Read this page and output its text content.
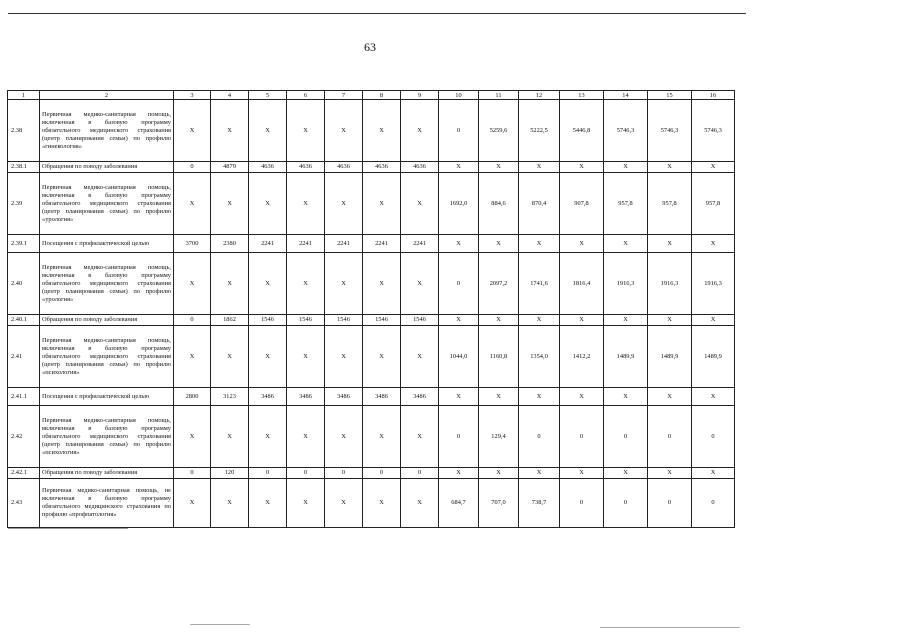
63
1	2	3	4	5	6	7	8	9	10	11	12	13	14	15	16
2.38	Первичная медико-санитарная помощь, включенная в базовую программу обязательного медицинского страхования (центр планирования семьи) по профилю «гинекология»	X	X	X	X	X	X	X	0	5259,6	5222,5	5446,8	5746,3	5746,3	5746,3
2.38.1	Обращения по поводу заболевания	0	4879	4636	4636	4636	4636	4636	X	X	X	X	X	X	X
2.39	Первичная медико-санитарная помощь, включенная в базовую программу обязательного медицинского страхования (центр планирования семьи) по профилю «урология»	X	X	X	X	X	X	X	1692,0	884,6	870,4	907,8	957,8	957,8	957,8
2.39.1	Посещения с профилактической целью	3700	2380	2241	2241	2241	2241	2241	X	X	X	X	X	X	X
2.40	Первичная медико-санитарная помощь, включенная в базовую программу обязательного медицинского страхования (центр планирования семьи) по профилю «урология»	X	X	X	X	X	X	X	0	2097,2	1741,6	1816,4	1916,3	1916,3	1916,3
2.40.1	Обращения по поводу заболевания	0	1862	1546	1546	1546	1546	1546	X	X	X	X	X	X	X
2.41	Первичная медико-санитарная помощь, включенная в базовую программу обязательного медицинского страхования (центр планирования семьи) по профилю «психология»	X	X	X	X	X	X	X	1044,0	1160,8	1354,0	1412,2	1489,9	1489,9	1489,9
2.41.1	Посещения с профилактической целью	2800	3123	3486	3486	3486	3486	3486	X	X	X	X	X	X	X
2.42	Первичная медико-санитарная помощь, включенная в базовую программу обязательного медицинского страхования (центр планирования семьи) по профилю «психология»	X	X	X	X	X	X	X	0	129,4	0	0	0	0	0
2.42.1	Обращения по поводу заболевания	0	120	0	0	0	0	0	X	X	X	X	X	X	X
2.43	Первичная медико-санитарная помощь, не включенная в базовую программу обязательного медицинского страхования по профилю «профпатология»	X	X	X	X	X	X	X	684,7	707,0	738,7	0	0	0	0
